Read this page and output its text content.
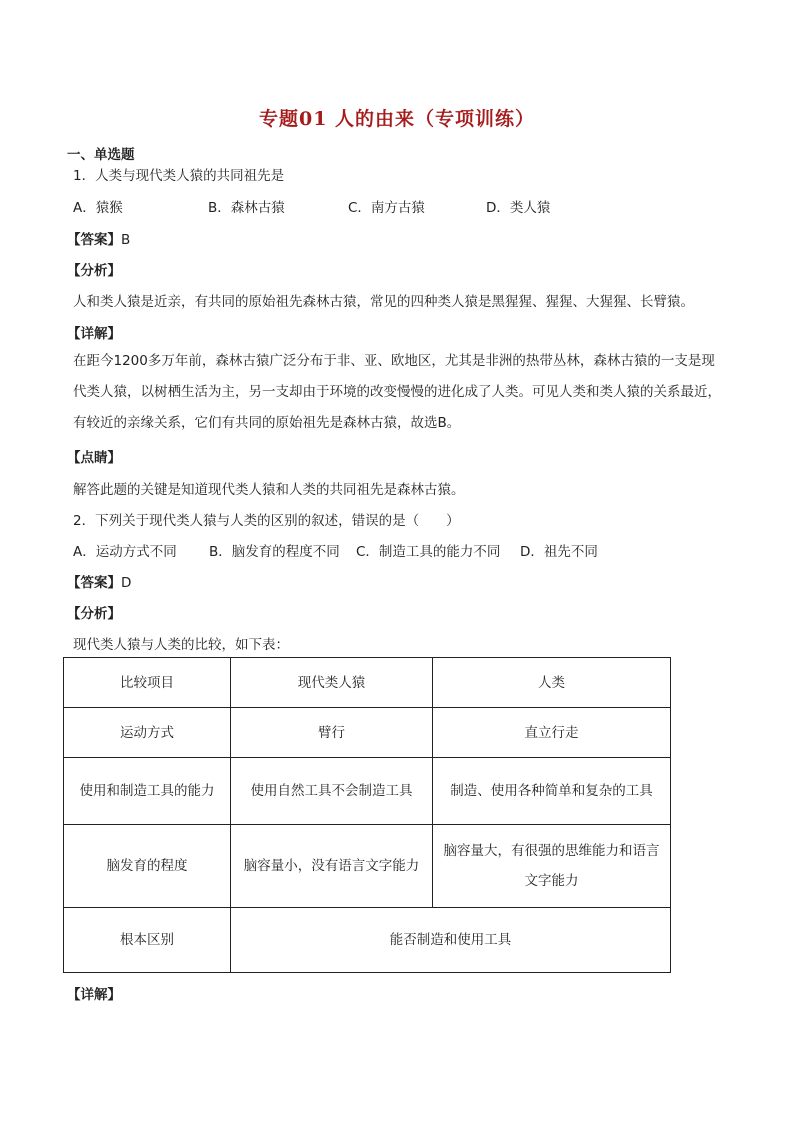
专题01 人的由来（专项训练）
一、单选题
1．人类与现代类人猿的共同祖先是
A．猿猴	B．森林古猿	C．南方古猿	D．类人猿
【答案】B
【分析】
人和类人猿是近亲，有共同的原始祖先森林古猿，常见的四种类人猿是黑猩猩、猩猩、大猩猩、长臂猿。
【详解】
在距今1200多万年前，森林古猿广泛分布于非、亚、欧地区，尤其是非洲的热带丛林，森林古猿的一支是现代类人猿，以树栖生活为主，另一支却由于环境的改变慢慢的进化成了人类。可见人类和类人猿的关系最近，有较近的亲缘关系，它们有共同的原始祖先是森林古猿，故选B。
【点睛】
解答此题的关键是知道现代类人猿和人类的共同祖先是森林古猿。
2．下列关于现代类人猿与人类的区别的叙述，错误的是（　　）
A．运动方式不同 B．脑发育的程度不同 C．制造工具的能力不同 D．祖先不同
【答案】D
【分析】
现代类人猿与人类的比较，如下表：
比较项目	现代类人猿	人类
运动方式	臂行	直立行走
使用和制造工具的能力	使用自然工具不会制造工具	制造、使用各种简单和复杂的工具
脑发育的程度	脑容量小，没有语言文字能力	脑容量大，有很强的思维能力和语言文字能力
根本区别	能否制造和使用工具	
【详解】
